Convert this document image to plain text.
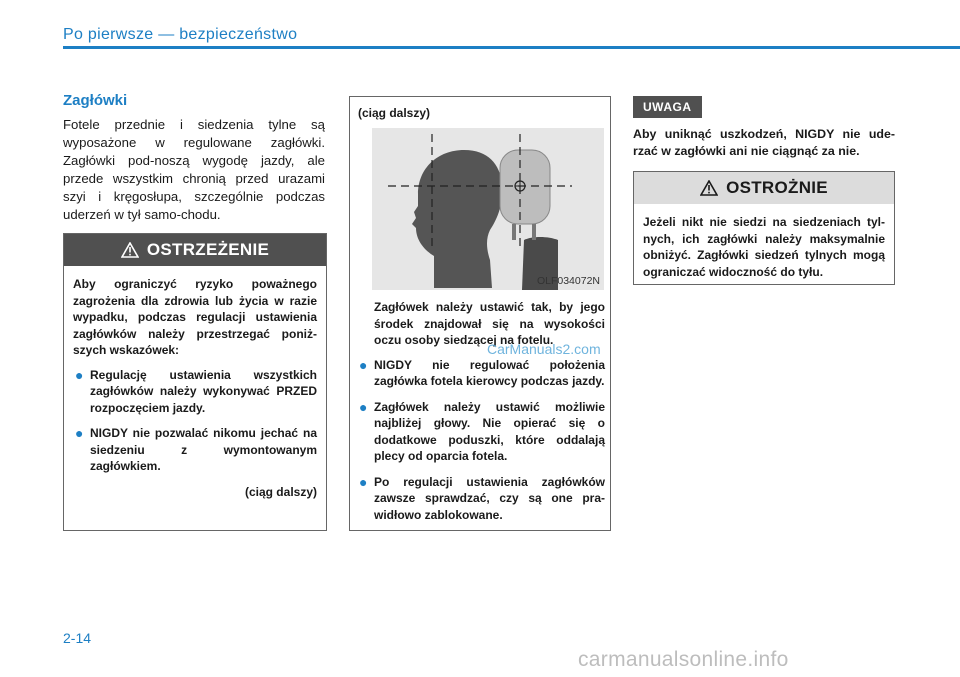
Po pierwsze — bezpieczeństwo
Zagłówki
Fotele przednie i siedzenia tylne są wyposażone w regulowane zagłówki. Zagłówki pod-noszą wygodę jazdy, ale przede wszystkim chronią przed urazami szyi i kręgosłupa, szczególnie podczas uderzeń w tył samo-chodu.
OSTRZEŻENIE

Aby ograniczyć ryzyko poważnego zagrożenia dla zdrowia lub życia w razie wypadku, podczas regulacji ustawienia zagłówków należy przestrzegać poniż-szych wskazówek:

● Regulację ustawienia wszystkich zagłówków należy wykonywać PRZED rozpoczęciem jazdy.
● NIGDY nie pozwalać nikomu jechać na siedzeniu z wymontowanym zagłówkiem.
(ciąg dalszy)
(ciąg dalszy)
OLF034072N

Zagłówek należy ustawić tak, by jego środek znajdował się na wysokości oczu osoby siedzącej na fotelu.

● NIGDY nie regulować położenia zagłówka fotela kierowcy podczas jazdy.
● Zagłówek należy ustawić możliwie najbliżej głowy. Nie opierać się o dodatkowe poduszki, które oddalają plecy od oparcia fotela.
● Po regulacji ustawienia zagłówków zawsze sprawdzać, czy są one pra-widłowo zablokowane.
UWAGA
Aby uniknąć uszkodzeń, NIGDY nie ude-rzać w zagłówki ani nie ciągnąć za nie.
OSTROŻNIE

Jeżeli nikt nie siedzi na siedzeniach tyl-nych, ich zagłówki należy maksymalnie obniżyć. Zagłówki siedzeń tylnych mogą ograniczać widoczność do tyłu.

2-14
CarManuals2.com
carmanualsonline.info
